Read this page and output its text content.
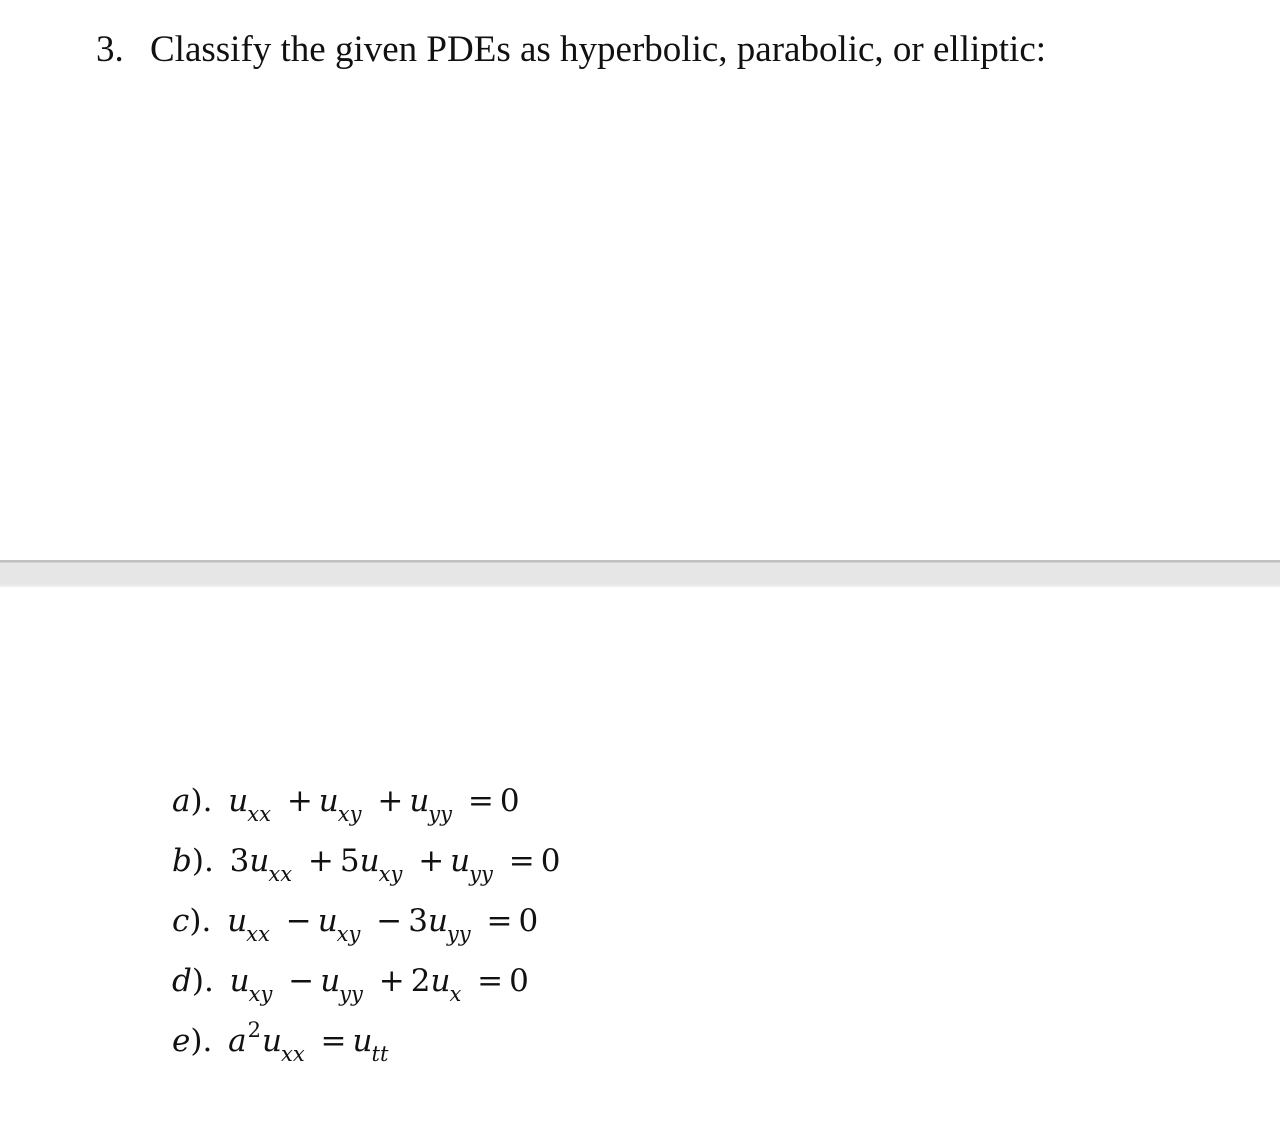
3. Classify the given PDEs as hyperbolic, parabolic, or elliptic:
a). $u_{xx} + u_{xy} + u_{yy} = 0$
b). $3u_{xx} + 5u_{xy} + u_{yy} = 0$
c). $u_{xx} - u_{xy} - 3u_{yy} = 0$
d). $u_{xy} - u_{yy} + 2u_x = 0$
e). $a^2u_{xx} = u_{tt}$
